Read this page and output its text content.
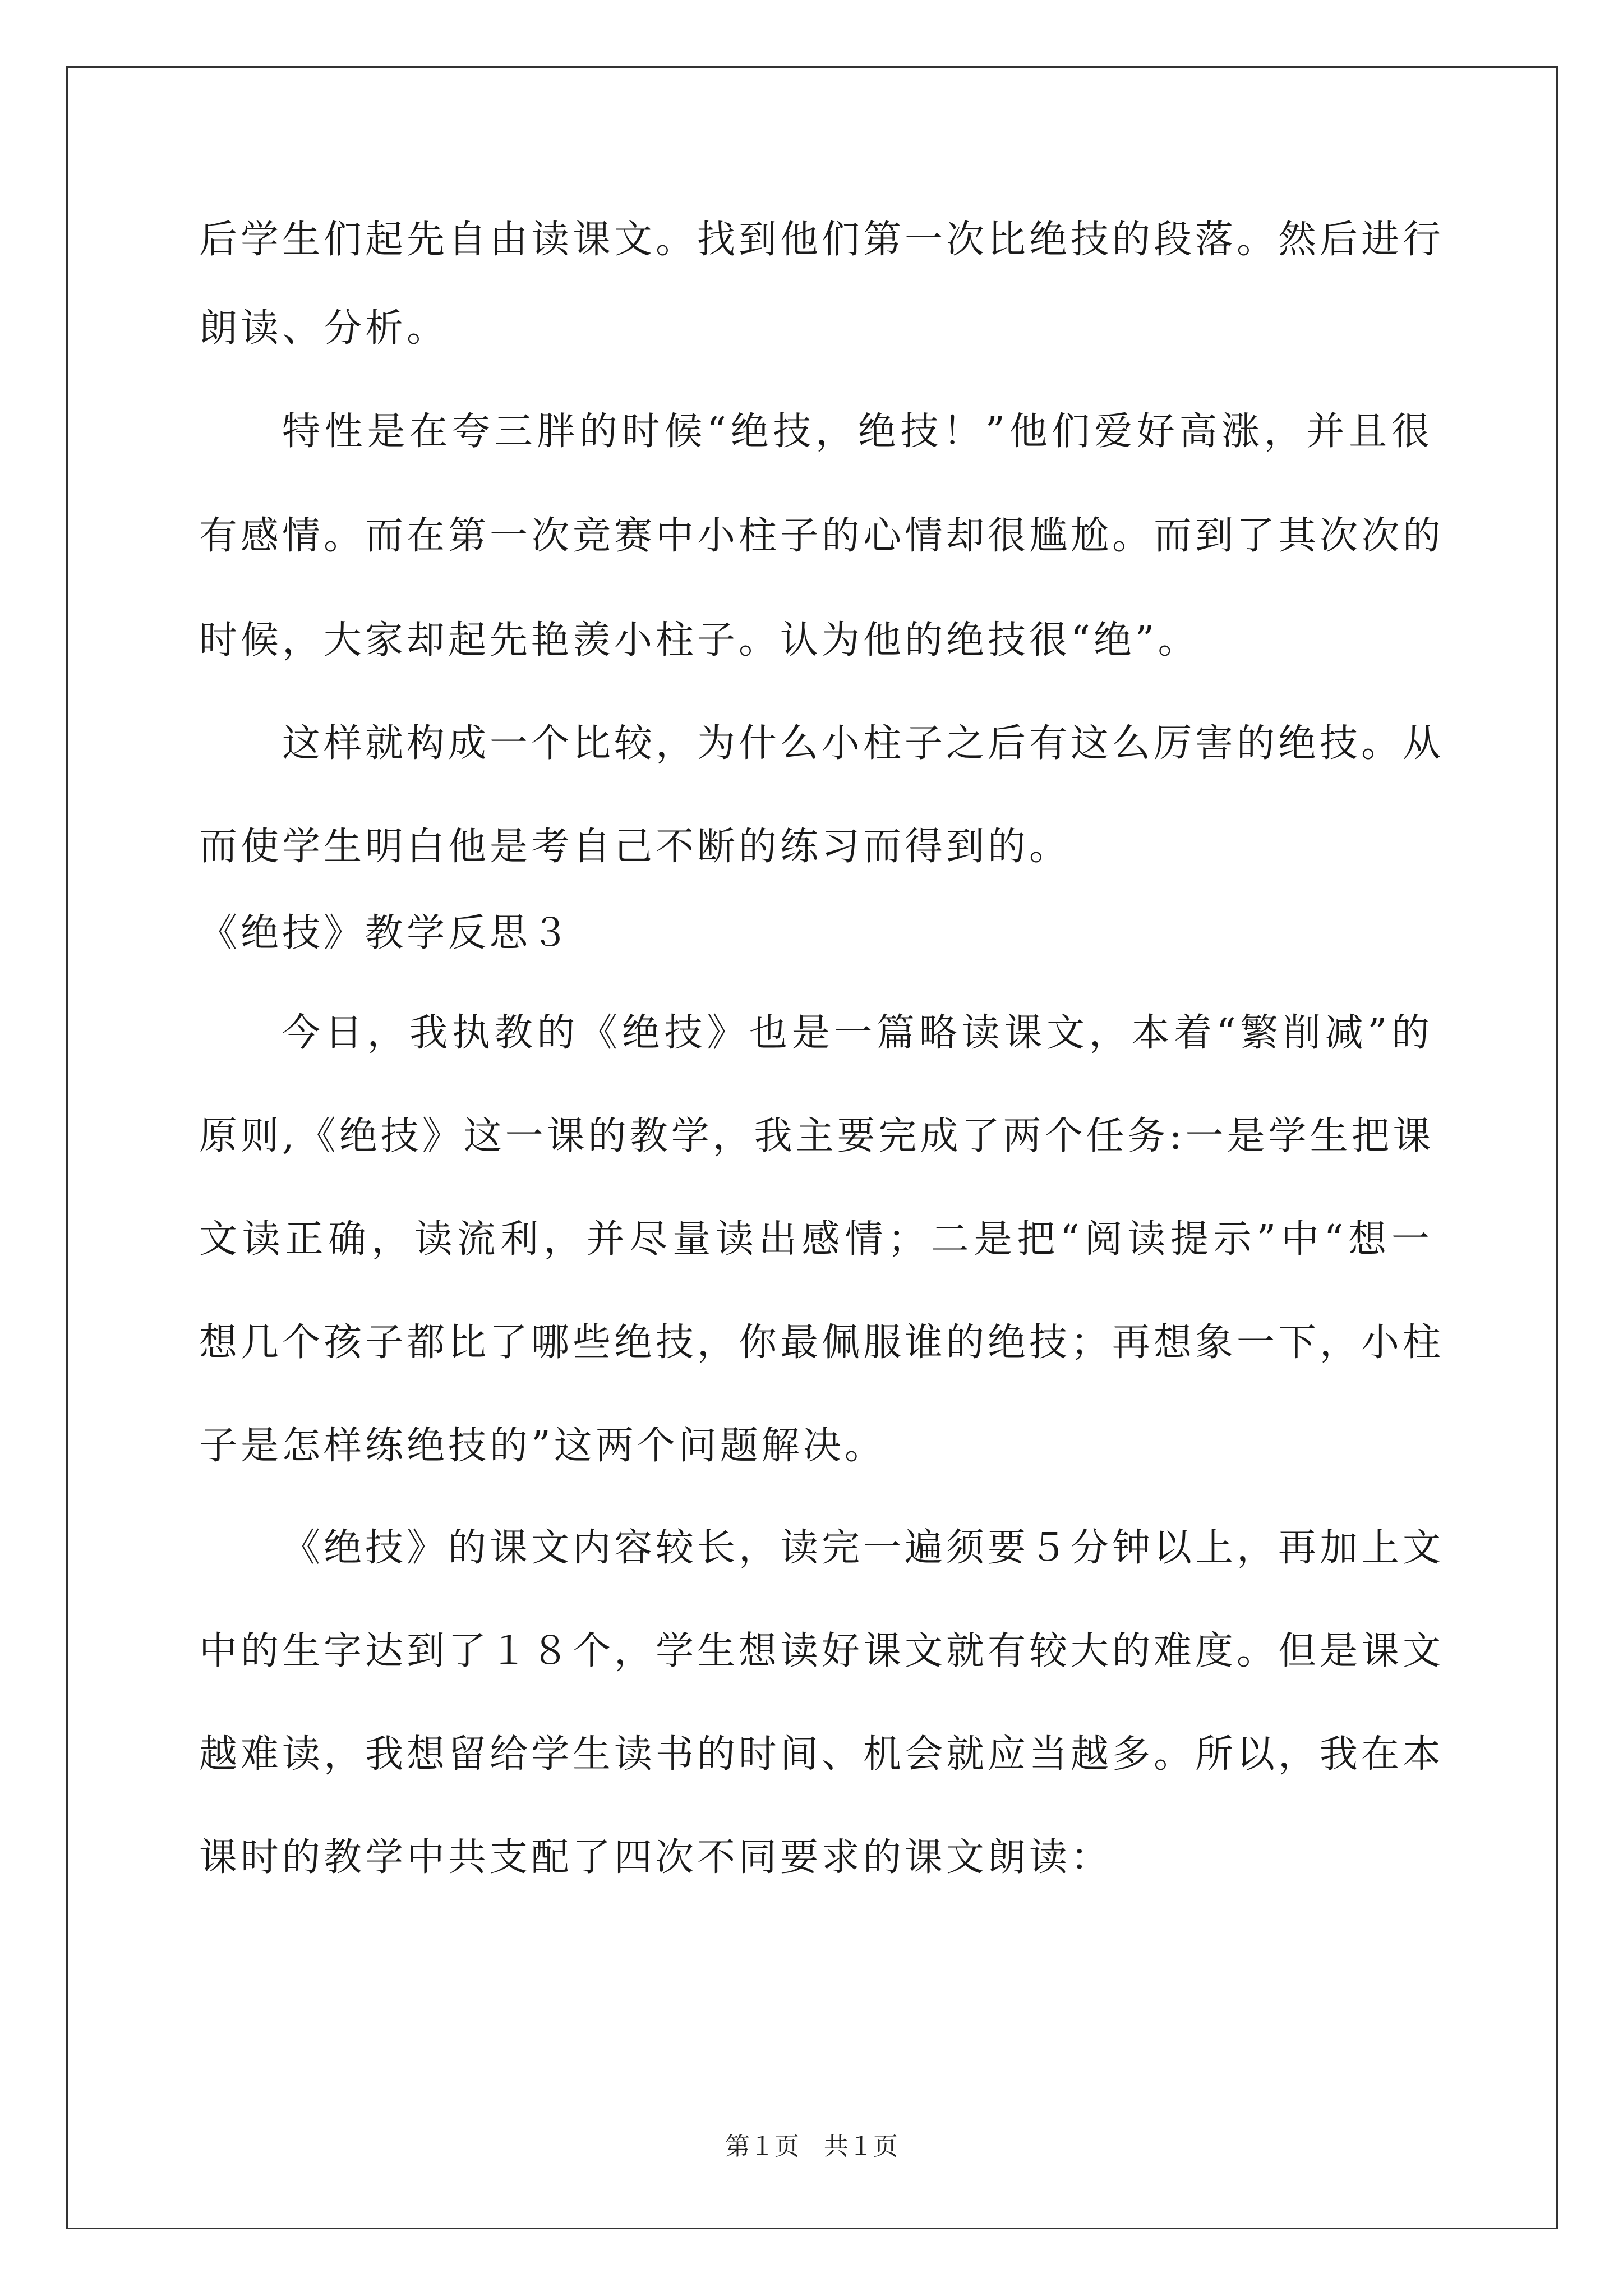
后学生们起先自由读课文。找到他们第一次比绝技的段落。然后进行
朗读、分析。
特性是在夸三胖的时候“绝技，绝技！”他们爱好高涨，并且很
有感情。而在第一次竞赛中小柱子的心情却很尴尬。而到了其次次的
时候，大家却起先艳羡小柱子。认为他的绝技很“绝”。
这样就构成一个比较，为什么小柱子之后有这么厉害的绝技。从
而使学生明白他是考自己不断的练习而得到的。
《绝技》教学反思３
今日，我执教的《绝技》也是一篇略读课文，本着“繁削减”的
原则,《绝技》这一课的教学，我主要完成了两个任务:一是学生把课
文读正确，读流利，并尽量读出感情；二是把“阅读提示”中“想一
想几个孩子都比了哪些绝技，你最佩服谁的绝技；再想象一下，小柱
子是怎样练绝技的”这两个问题解决。
《绝技》的课文内容较长，读完一遍须要５分钟以上，再加上文
中的生字达到了１８个，学生想读好课文就有较大的难度。但是课文
越难读，我想留给学生读书的时间、机会就应当越多。所以，我在本
课时的教学中共支配了四次不同要求的课文朗读：
第１页　共１页
